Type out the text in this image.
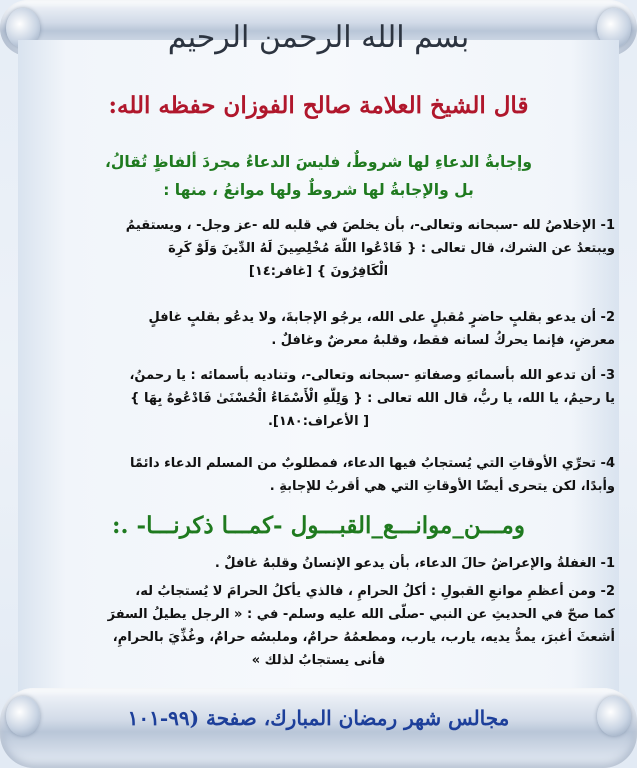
بسم الله الرحمن الرحيم
قال الشيخ العلامة صالح الفوزان حفظه الله:
وإجابةُ الدعاءِ لها شروطٌ، فليسَ الدعاءُ مجردَ ألفاظٍ تُقالُ،
بل والإجابةُ لها شروطٌ ولها موانعُ ، منها :
1- الإخلاصُ لله -سبحانه وتعالى-، بأن يخلصَ في قلبه لله -عز وجل- ، ويستقيمُ
ويبتعدُ عن الشرك، قال تعالى : { فَادْعُوا اللَّهَ مُخْلِصِينَ لَهُ الدِّينَ وَلَوْ كَرِهَ
الْكَافِرُونَ } [غافر:١٤]
2- أن يدعو بقلبٍ حاضرٍ مُقبلٍ على الله، يرجُو الإجابةَ، ولا يدعُو بقلبٍ غافلٍ
معرضٍ، فإنما يحركُ لسانه فقط، وقلبهُ معرضٌ وغافلٌ .
3- أن تدعو الله بأسمائهِ وصفاتهِ -سبحانه وتعالى-، وتناديه بأسمائه : يا رحمنُ،
يا رحيمُ، يا الله، يا ربُّ، قال الله تعالى : { وَلِلَّهِ الْأَسْمَاءُ الْحُسْنَىٰ فَادْعُوهُ بِهَا }
[ الأعراف:١٨٠].
4- تحرِّي الأوقاتِ التي يُستجابُ فيها الدعاء، فمطلوبٌ من المسلم الدعاء دائمًا
وأبدًا، لكن يتحرى أيضًا الأوقاتِ التي هي أقربُ للإجابةِ .
ومـــن_موانـــع_القبـــول -كمـــا ذكرنـــا- .:
1- الغفلةُ والإعراضُ حالَ الدعاء، بأن يدعو الإنسانُ وقلبهُ غافلٌ .
2- ومن أعظمِ موانعِ القبولِ : أكلُ الحرامِ ، فالذي يأكلُ الحرامَ لا يُستجابُ له،
كما صحّ في الحديثِ عن النبي -صلّى الله عليه وسلم- في : « الرجل يطيلُ السفرَ
أشعثَ أغبرَ، يمدُّ يديه، يارب، يارب، ومطعمُهُ حرامٌ، وملبسُه حرامٌ، وغُذِّيَ بالحرامِ،
فأنى يستجابُ لذلك »
مجالس شهر رمضان المبارك، صفحة (٩٩-١٠١
